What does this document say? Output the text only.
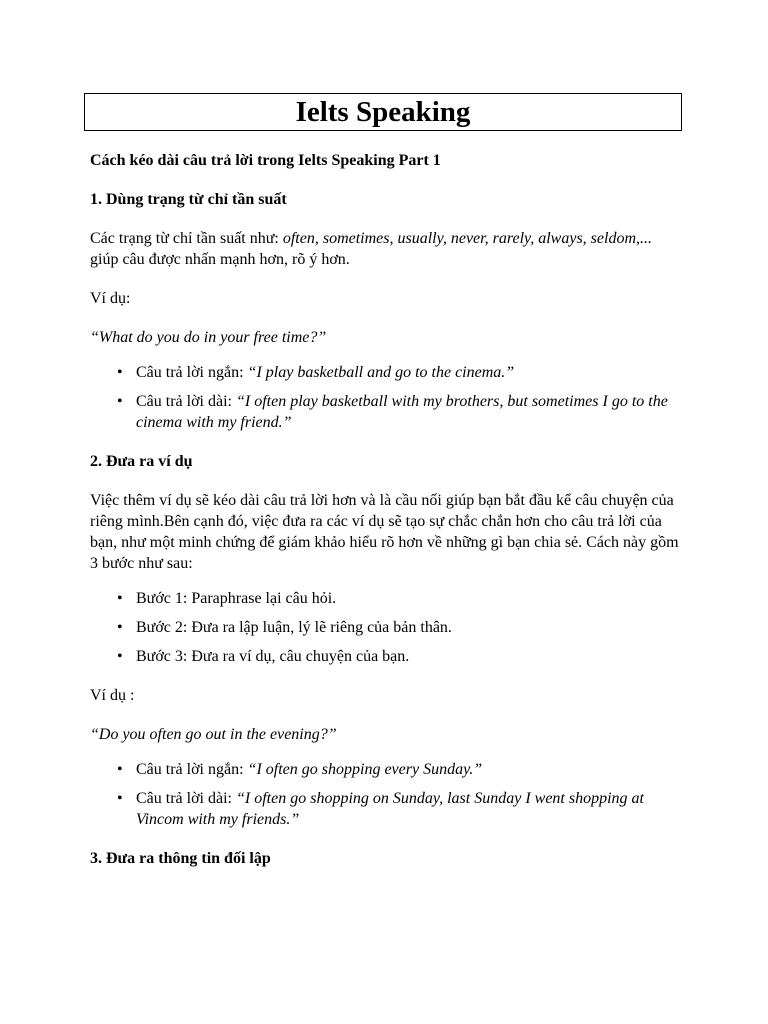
Ielts Speaking

Cách kéo dài câu trả lời trong Ielts Speaking Part 1

1. Dùng trạng từ chỉ tần suất

Các trạng từ chỉ tần suất như: often, sometimes, usually, never, rarely, always, seldom,... giúp câu được nhấn mạnh hơn, rõ ý hơn.

Ví dụ:

“What do you do in your free time?”

• Câu trả lời ngắn: “I play basketball and go to the cinema.”
• Câu trả lời dài: “I often play basketball with my brothers, but sometimes I go to the cinema with my friend.”

2. Đưa ra ví dụ

Việc thêm ví dụ sẽ kéo dài câu trả lời hơn và là cầu nối giúp bạn bắt đầu kể câu chuyện của riêng mình.Bên cạnh đó, việc đưa ra các ví dụ sẽ tạo sự chắc chắn hơn cho câu trả lời của bạn, như một minh chứng để giám khảo hiểu rõ hơn về những gì bạn chia sẻ. Cách này gồm 3 bước như sau:

• Bước 1: Paraphrase lại câu hỏi.
• Bước 2: Đưa ra lập luận, lý lẽ riêng của bản thân.
• Bước 3: Đưa ra ví dụ, câu chuyện của bạn.

Ví dụ :

“Do you often go out in the evening?”

• Câu trả lời ngắn: “I often go shopping every Sunday.”
• Câu trả lời dài: “I often go shopping on Sunday, last Sunday I went shopping at Vincom with my friends.”

3. Đưa ra thông tin đối lập
